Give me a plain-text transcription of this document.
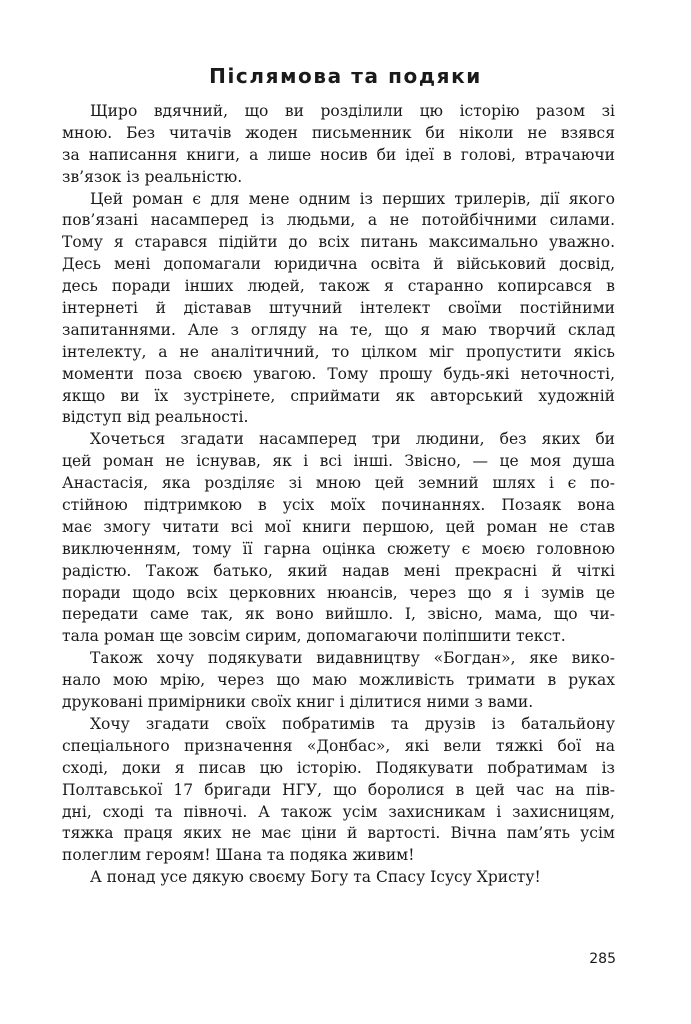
Післямова та подяки
Щиро вдячний, що ви розділили цю історію разом зі
мною. Без читачів жоден письменник би ніколи не взявся
за написання книги, а лише носив би ідеї в голові, втрачаючи
зв’язок із реальністю.
Цей роман є для мене одним із перших трилерів, дії якого
пов’язані насамперед із людьми, а не потойбічними силами.
Тому я старався підійти до всіх питань максимально уважно.
Десь мені допомагали юридична освіта й військовий досвід,
десь поради інших людей, також я старанно копирсався в
інтернеті й діставав штучний інтелект своїми постійними
запитаннями. Але з огляду на те, що я маю творчий склад
інтелекту, а не аналітичний, то цілком міг пропустити якісь
моменти поза своєю увагою. Тому прошу будь-які неточності,
якщо ви їх зустрінете, сприймати як авторський художній
відступ від реальності.
Хочеться згадати насамперед три людини, без яких би
цей роман не існував, як і всі інші. Звісно, — це моя душа
Анастасія, яка розділяє зі мною цей земний шлях і є по-
стійною підтримкою в усіх моїх починаннях. Позаяк вона
має змогу читати всі мої книги першою, цей роман не став
виключенням, тому її гарна оцінка сюжету є моєю головною
радістю. Також батько, який надав мені прекрасні й чіткі
поради щодо всіх церковних нюансів, через що я і зумів це
передати саме так, як воно вийшло. І, звісно, мама, що чи-
тала роман ще зовсім сирим, допомагаючи поліпшити текст.
Також хочу подякувати видавництву «Богдан», яке вико-
нало мою мрію, через що маю можливість тримати в руках
друковані примірники своїх книг і ділитися ними з вами.
Хочу згадати своїх побратимів та друзів із батальйону
спеціального призначення «Донбас», які вели тяжкі бої на
сході, доки я писав цю історію. Подякувати побратимам із
Полтавської 17 бригади НГУ, що боролися в цей час на пів-
дні, сході та півночі. А також усім захисникам і захисницям,
тяжка праця яких не має ціни й вартості. Вічна пам’ять усім
полеглим героям! Шана та подяка живим!
А понад усе дякую своєму Богу та Спасу Ісусу Христу!
285
